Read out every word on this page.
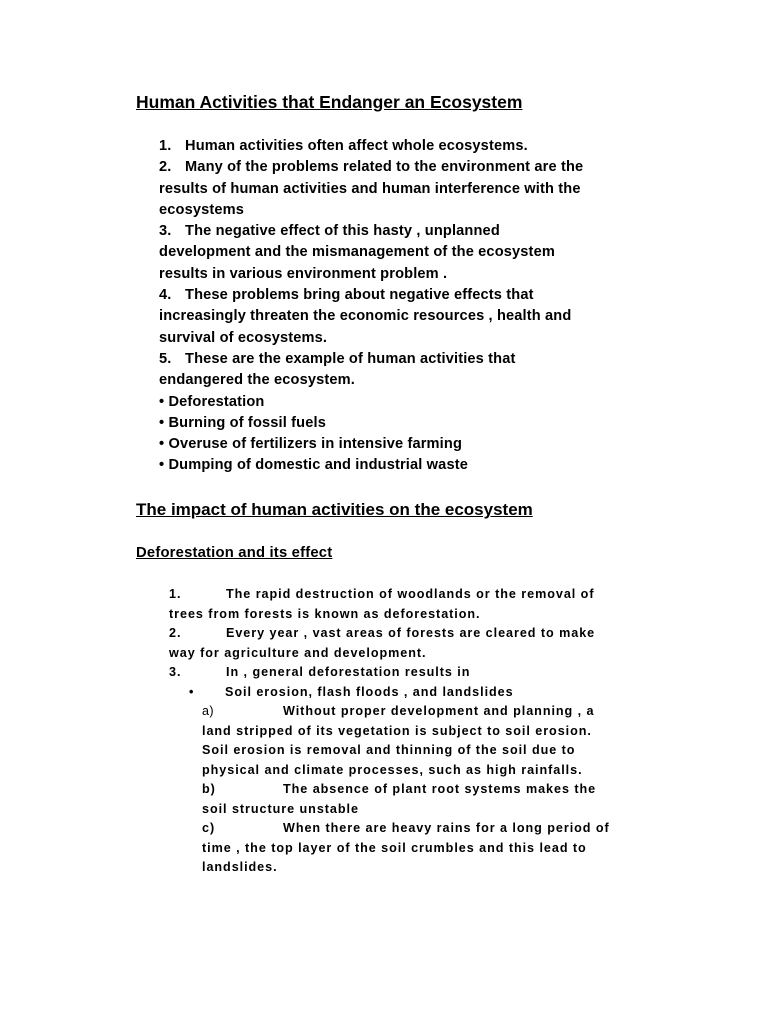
Human Activities that Endanger an Ecosystem
1. Human activities often affect whole ecosystems.
2. Many of the problems related to the environment are the
results of human activities and human interference with the
ecosystems
3. The negative effect of this hasty , unplanned
development and the mismanagement of the ecosystem
results in various environment problem .
4. These problems bring about negative effects that
increasingly threaten the economic resources , health and
survival of ecosystems.
5. These are the example of human activities that
endangered the ecosystem.
• Deforestation
• Burning of fossil fuels
• Overuse of fertilizers in intensive farming
• Dumping of domestic and industrial waste
The impact of human activities on the ecosystem
Deforestation and its effect
1.	The rapid destruction of woodlands or the removal of
trees from forests is known as deforestation.
2.	Every year , vast areas of forests are cleared to make
way for agriculture and development.
3.	In , general deforestation results in
• Soil erosion, flash floods , and landslides
a)	Without proper development and planning , a
land stripped of its vegetation is subject to soil erosion.
Soil erosion is removal and thinning of the soil due to
physical and climate processes, such as high rainfalls.
b)	The absence of plant root systems makes the
soil structure unstable
c)	When there are heavy rains for a long period of
time , the top layer of the soil crumbles and this lead to
landslides.
